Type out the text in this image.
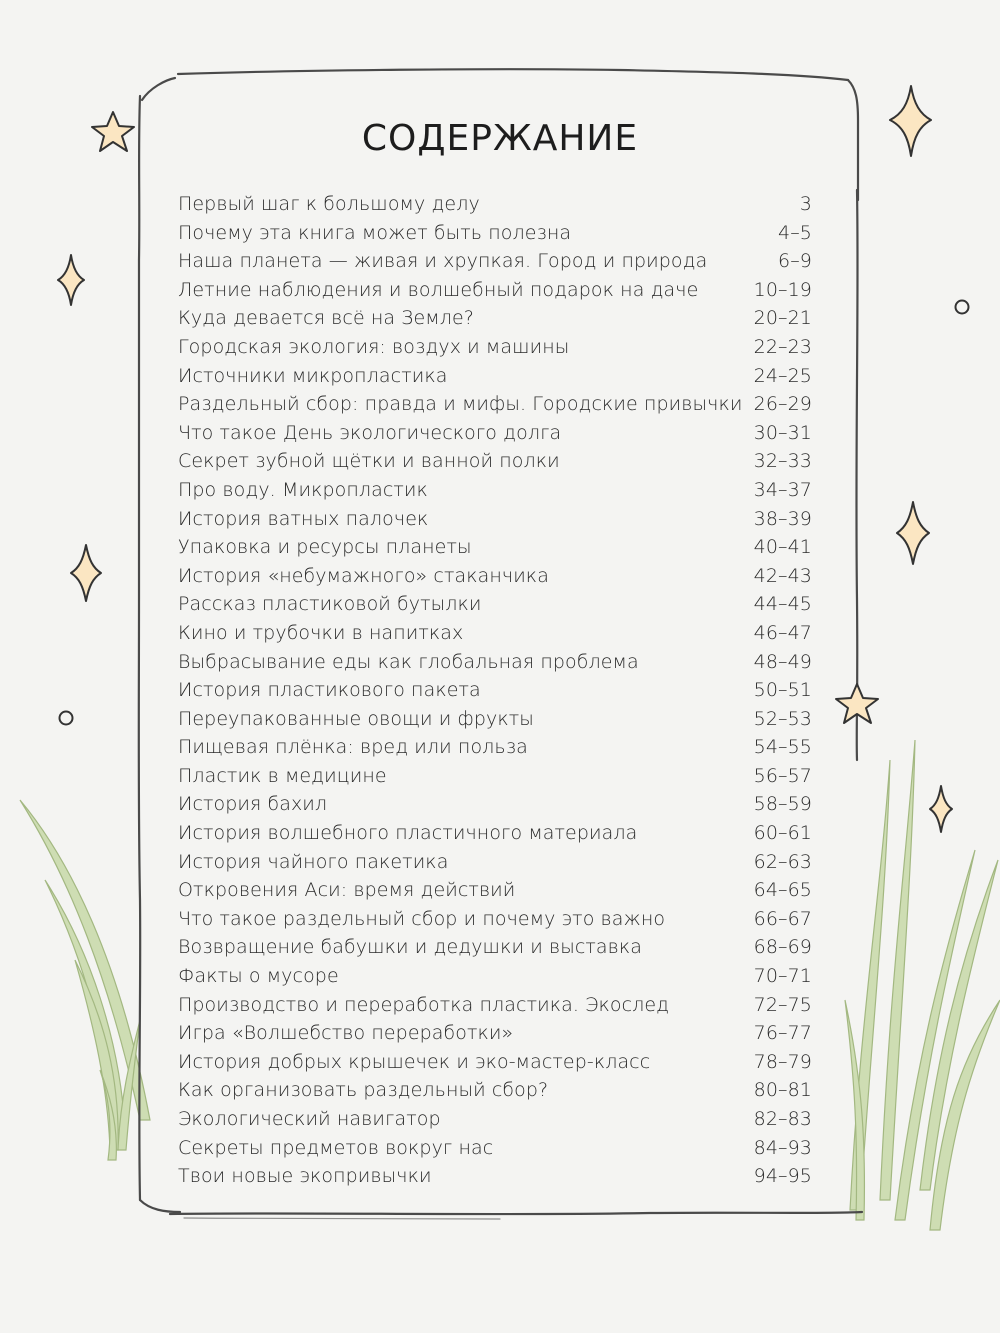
СОДЕРЖАНИЕ
Первый шаг к большому делу	3
Почему эта книга может быть полезна	4–5
Наша планета — живая и хрупкая. Город и природа	6–9
Летние наблюдения и волшебный подарок на даче	10–19
Куда девается всё на Земле?	20–21
Городская экология: воздух и машины	22–23
Источники микропластика	24–25
Раздельный сбор: правда и мифы. Городские привычки 26–29
Что такое День экологического долга	30–31
Секрет зубной щётки и ванной полки	32–33
Про воду. Микропластик	34–37
История ватных палочек	38–39
Упаковка и ресурсы планеты	40–41
История «небумажного» стаканчика	42–43
Рассказ пластиковой бутылки	44–45
Кино и трубочки в напитках	46–47
Выбрасывание еды как глобальная проблема	48–49
История пластикового пакета	50–51
Переупакованные овощи и фрукты	52–53
Пищевая плёнка: вред или польза	54–55
Пластик в медицине	56–57
История бахил	58–59
История волшебного пластичного материала	60–61
История чайного пакетика	62–63
Откровения Аси: время действий	64–65
Что такое раздельный сбор и почему это важно	66–67
Возвращение бабушки и дедушки и выставка	68–69
Факты о мусоре	70–71
Производство и переработка пластика. Экослед	72–75
Игра «Волшебство переработки»	76–77
История добрых крышечек и эко-мастер-класс	78–79
Как организовать раздельный сбор?	80–81
Экологический навигатор	82–83
Секреты предметов вокруг нас	84–93
Твои новые экопривычки	94–95
